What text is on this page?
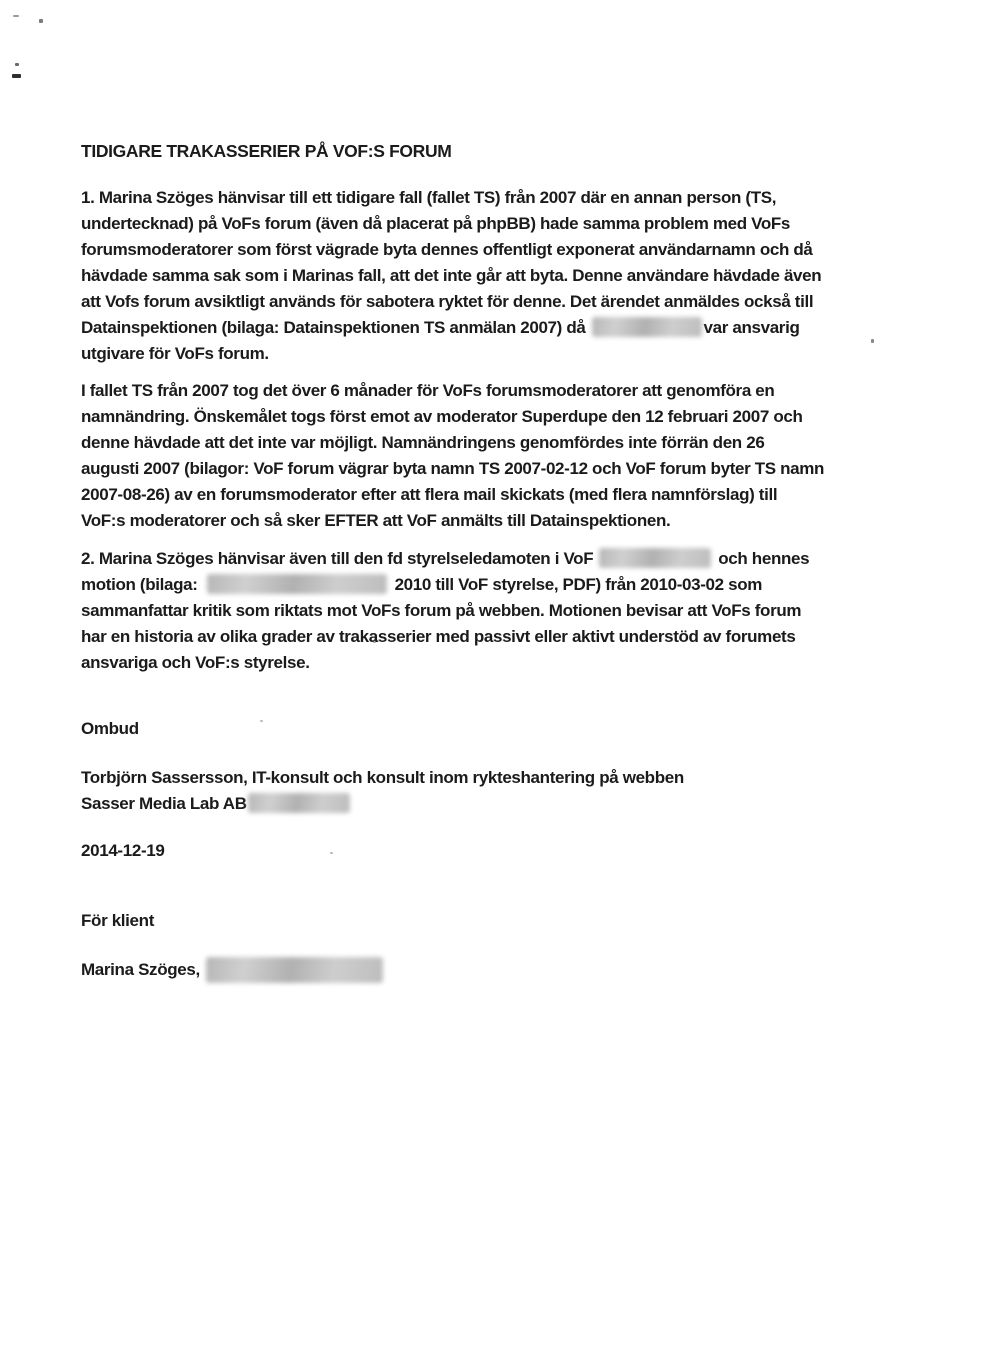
TIDIGARE TRAKASSERIER PÅ VOF:S FORUM
1. Marina Szöges hänvisar till ett tidigare fall (fallet TS) från 2007 där en annan person (TS,
undertecknad) på VoFs forum (även då placerat på phpBB) hade samma problem med VoFs
forumsmoderatorer som först vägrade byta dennes offentligt exponerat användarnamn och då
hävdade samma sak som i Marinas fall, att det inte går att byta. Denne användare hävdade även
att Vofs forum avsiktligt används för sabotera ryktet för denne. Det ärendet anmäldes också till
Datainspektionen (bilaga: Datainspektionen TS anmälan 2007) då	var ansvarig
utgivare för VoFs forum.
I fallet TS från 2007 tog det över 6 månader för VoFs forumsmoderatorer att genomföra en
namnändring. Önskemålet togs först emot av moderator Superdupe den 12 februari 2007 och
denne hävdade att det inte var möjligt. Namnändringens genomfördes inte förrän den 26
augusti 2007 (bilagor: VoF forum vägrar byta namn TS 2007-02-12 och VoF forum byter TS namn
2007-08-26) av en forumsmoderator efter att flera mail skickats (med flera namnförslag) till
VoF:s moderatorer och så sker EFTER att VoF anmälts till Datainspektionen.
2. Marina Szöges hänvisar även till den fd styrelseledamoten i VoF	och hennes
motion (bilaga:	2010 till VoF styrelse, PDF) från 2010-03-02 som
sammanfattar kritik som riktats mot VoFs forum på webben. Motionen bevisar att VoFs forum
har en historia av olika grader av trakasserier med passivt eller aktivt understöd av forumets
ansvariga och VoF:s styrelse.
Ombud
Torbjörn Sassersson, IT-konsult och konsult inom rykteshantering på webben
Sasser Media Lab AB
2014-12-19
För klient
Marina Szöges,
